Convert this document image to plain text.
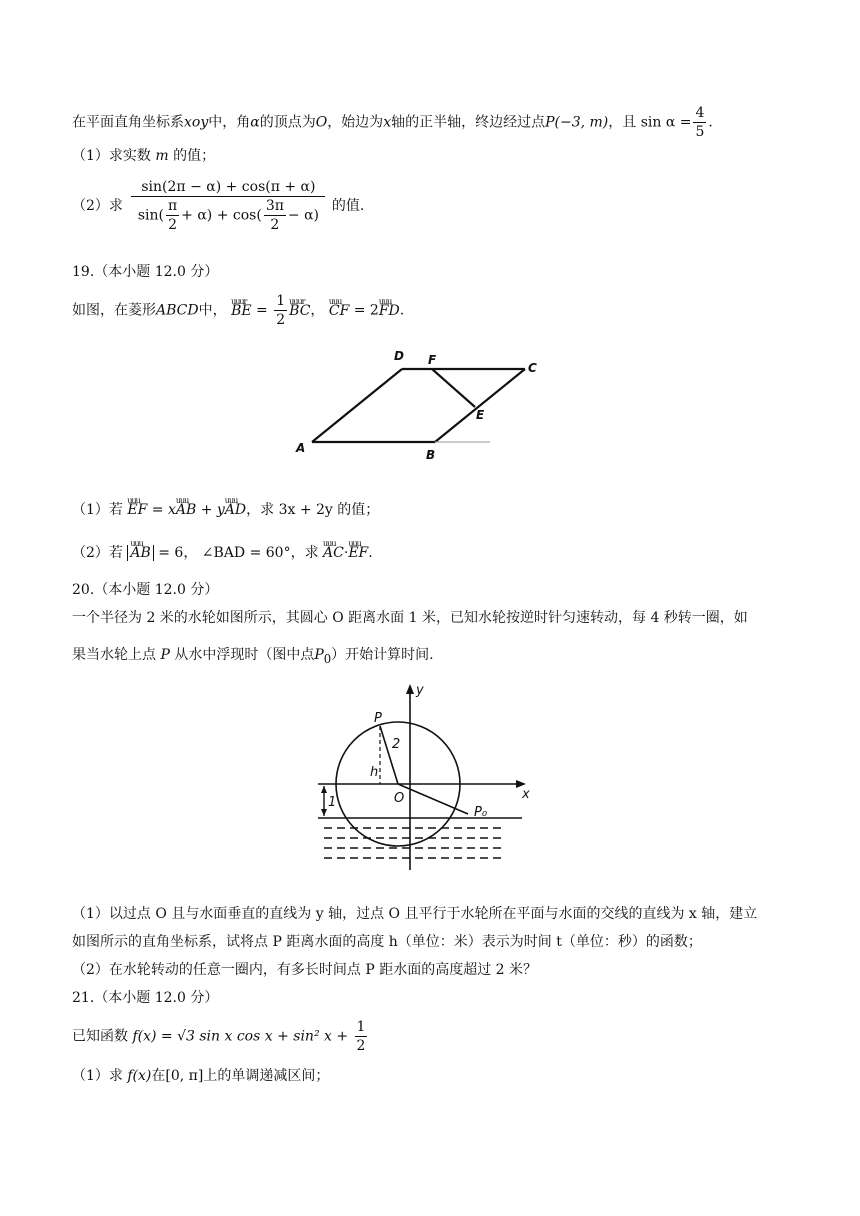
在平面直角坐标系xoy中，角α的顶点为O，始边为x轴的正半轴，终边经过点P(−3, m)，且 $\sin \alpha = \frac{4}{5}$ .
（1）求实数 m 的值；
（2）求 $\frac{\sin(2\pi - \alpha) + \cos(\pi + \alpha)}{\sin( \frac{\pi}{2} + \alpha) + \cos( \frac{3\pi}{2} - \alpha)}$ 的值.
19.（本小题 12.0 分）
如图，在菱形ABCD中， uuur BE = $\frac{1}{2}$ uuur BC， uuu CF = 2uuu FD.
A	B
C
D
E
F
（1）若 uuu EF = xuuu AB + yuuu AD，求 3x + 2y 的值；
（2）若 uuu AB = 6， ∠BAD = 60°，求 uuu AC·uuu EF.
20.（本小题 12.0 分）
一个半径为 2 米的水轮如图所示，其圆心 O 距离水面 1 米，已知水轮按逆时针匀速转动，每 4 秒转一圈，如
果当水轮上点 P 从水中浮现时（图中点$P_0$）开始计算时间.
y
x
P
2
h
O
P₀
1
（1）以过点 O 且与水面垂直的直线为 y 轴，过点 O 且平行于水轮所在平面与水面的交线的直线为 x 轴，建立
如图所示的直角坐标系，试将点 P 距离水面的高度 h（单位：米）表示为时间 t（单位：秒）的函数；
（2）在水轮转动的任意一圈内，有多长时间点 P 距水面的高度超过 2 米？
21.（本小题 12.0 分）
已知函数 f(x) = √3 sin x cos x + sin² $x + \frac{1}{2}$
（1）求 f(x)在[0, π]上的单调递减区间；
